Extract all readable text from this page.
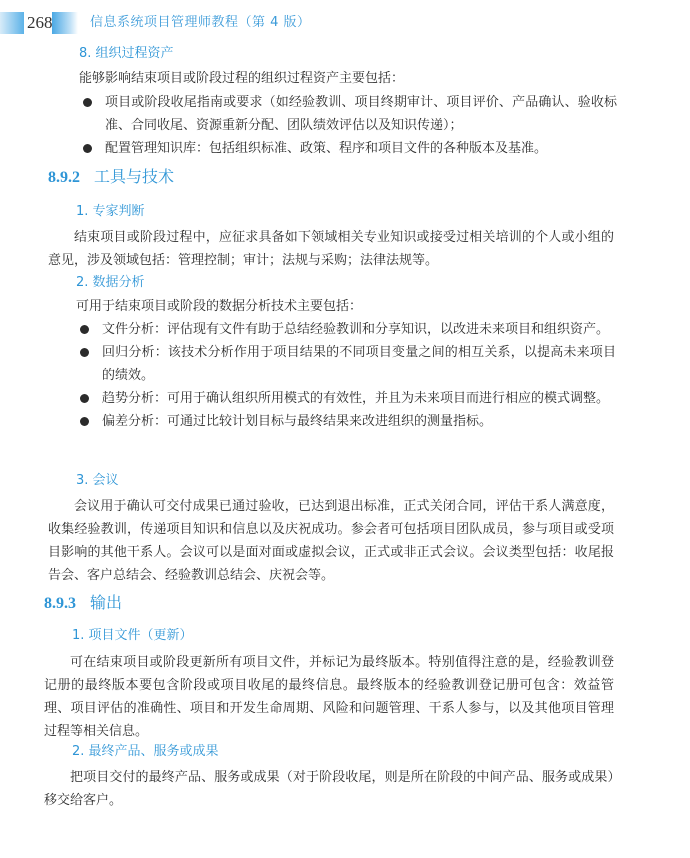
268	信息系统项目管理师教程（第 4 版）
8. 组织过程资产
能够影响结束项目或阶段过程的组织过程资产主要包括：
项目或阶段收尾指南或要求（如经验教训、项目终期审计、项目评价、产品确认、验收标准、合同收尾、资源重新分配、团队绩效评估以及知识传递）；
配置管理知识库：包括组织标准、政策、程序和项目文件的各种版本及基准。
8.9.2 工具与技术
1. 专家判断
结束项目或阶段过程中，应征求具备如下领域相关专业知识或接受过相关培训的个人或小组的意见，涉及领域包括：管理控制；审计；法规与采购；法律法规等。
2. 数据分析
可用于结束项目或阶段的数据分析技术主要包括：
文件分析：评估现有文件有助于总结经验教训和分享知识，以改进未来项目和组织资产。
回归分析：该技术分析作用于项目结果的不同项目变量之间的相互关系，以提高未来项目的绩效。
趋势分析：可用于确认组织所用模式的有效性，并且为未来项目而进行相应的模式调整。
偏差分析：可通过比较计划目标与最终结果来改进组织的测量指标。
3. 会议
会议用于确认可交付成果已通过验收，已达到退出标准，正式关闭合同，评估干系人满意度，收集经验教训，传递项目知识和信息以及庆祝成功。参会者可包括项目团队成员，参与项目或受项目影响的其他干系人。会议可以是面对面或虚拟会议，正式或非正式会议。会议类型包括：收尾报告会、客户总结会、经验教训总结会、庆祝会等。
8.9.3 输出
1. 项目文件（更新）
可在结束项目或阶段更新所有项目文件，并标记为最终版本。特别值得注意的是，经验教训登记册的最终版本要包含阶段或项目收尾的最终信息。最终版本的经验教训登记册可包含：效益管理、项目评估的准确性、项目和开发生命周期、风险和问题管理、干系人参与，以及其他项目管理过程等相关信息。
2. 最终产品、服务或成果
把项目交付的最终产品、服务或成果（对于阶段收尾，则是所在阶段的中间产品、服务或成果）移交给客户。
